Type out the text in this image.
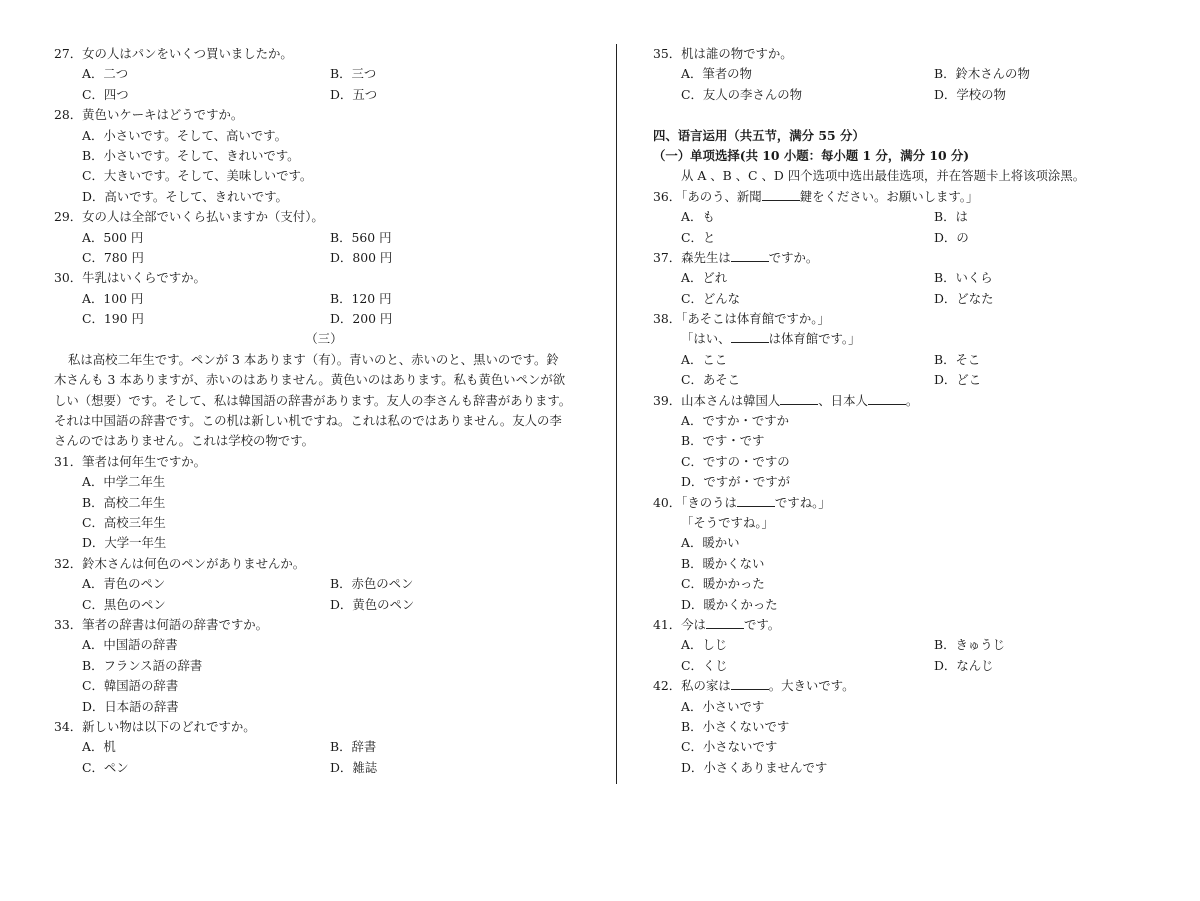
27．女の人はパンをいくつ買いましたか。
A．二つ	B．三つ
C．四つ	D．五つ
28．黄色いケーキはどうですか。
A．小さいです。そして、高いです。
B．小さいです。そして、きれいです。
C．大きいです。そして、美味しいです。
D．高いです。そして、きれいです。
29．女の人は全部でいくら払いますか（支付）。
A．500 円	B．560 円
C．780 円	D．800 円
30．牛乳はいくらですか。
A．100 円	B．120 円
C．190 円	D．200 円
（三）
私は高校二年生です。ペンが 3 本あります（有）。青いのと、赤いのと、黒いのです。鈴
木さんも 3 本ありますが、赤いのはありません。黄色いのはあります。私も黄色いペンが欲
しい（想要）です。そして、私は韓国語の辞書があります。友人の李さんも辞書があります。
それは中国語の辞書です。この机は新しい机ですね。これは私のではありません。友人の李
さんのではありません。これは学校の物です。
31．筆者は何年生ですか。
A．中学二年生
B．高校二年生
C．高校三年生
D．大学一年生
32．鈴木さんは何色のペンがありませんか。
A．青色のペン	B．赤色のペン
C．黒色のペン	D．黄色のペン
33．筆者の辞書は何語の辞書ですか。
A．中国語の辞書
B．フランス語の辞書
C．韓国語の辞書
D．日本語の辞書
34．新しい物は以下のどれですか。
A．机	B．辞書
C．ペン	D．雑誌
35．机は誰の物ですか。
A．筆者の物	B．鈴木さんの物
C．友人の李さんの物	D．学校の物
四、语言运用（共五节，满分 55 分）
（一）单项选择(共 10 小题：每小题 1 分，满分 10 分)
从 A 、B 、C 、D 四个选项中选出最佳选项，并在答题卡上将该项涂黑。
36．「あのう、新聞	鍵をください。お願いします。」
A．も	B．は
C．と	D．の
37．森先生は	ですか。
A．どれ	B．いくら
C．どんな	D．どなた
38．「あそこは体育館ですか。」
「はい、	は体育館です。」
A．ここ	B．そこ
C．あそこ	D．どこ
39．山本さんは韓国人	、日本人	。
A．ですか・ですか
B．です・です
C．ですの・ですの
D．ですが・ですが
40．「きのうは	ですね。」
「そうですね。」
A．暖かい
B．暖かくない
C．暖かかった
D．暖かくかった
41．今は	です。
A．しじ	B．きゅうじ
C．くじ	D．なんじ
42．私の家は	。大きいです。
A．小さいです
B．小さくないです
C．小さないです
D．小さくありませんです
